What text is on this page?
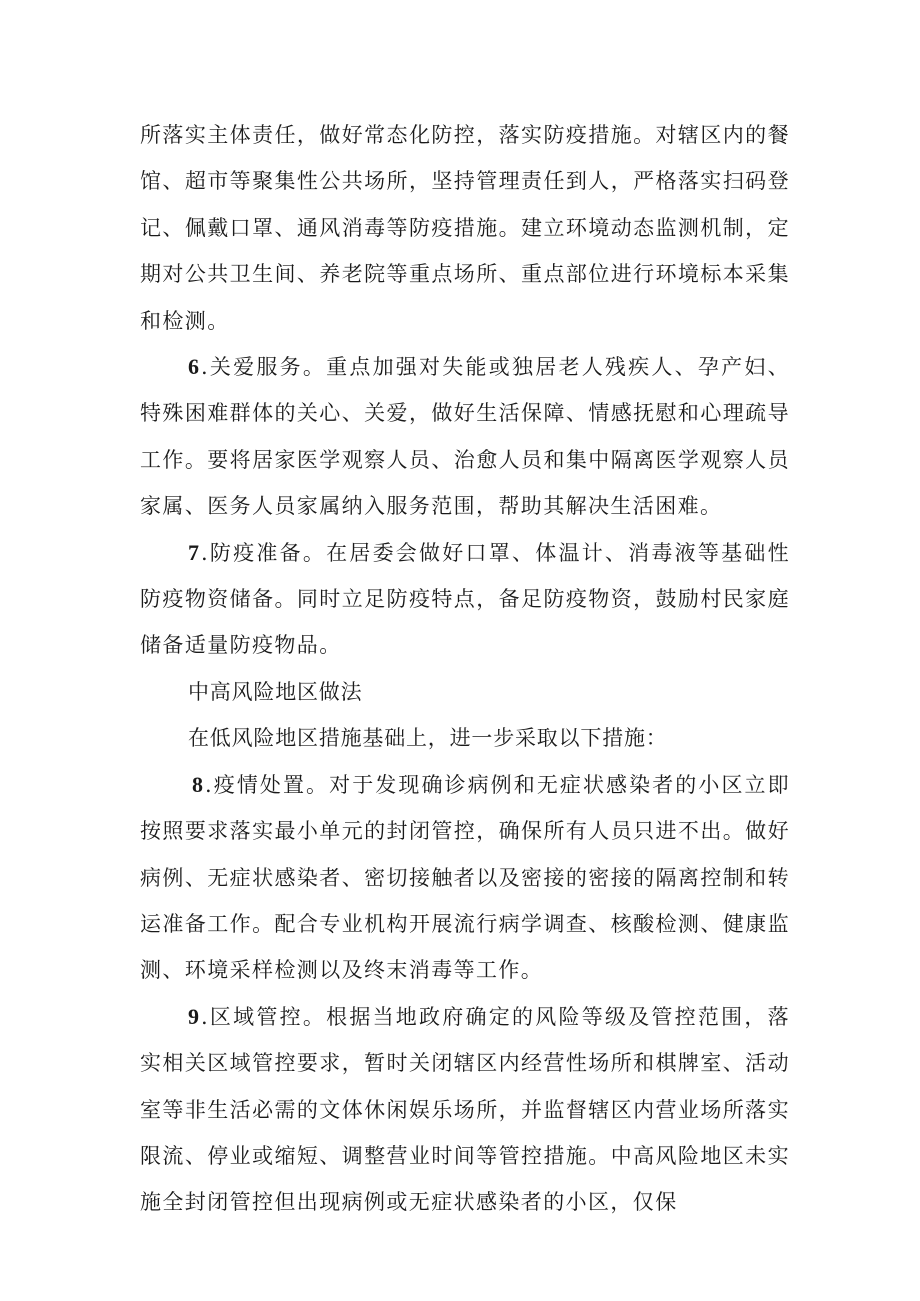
所落实主体责任，做好常态化防控，落实防疫措施。对辖区内的餐馆、超市等聚集性公共场所，坚持管理责任到人，严格落实扫码登记、佩戴口罩、通风消毒等防疫措施。建立环境动态监测机制，定期对公共卫生间、养老院等重点场所、重点部位进行环境标本采集和检测。

6.关爱服务。重点加强对失能或独居老人残疾人、孕产妇、特殊困难群体的关心、关爱，做好生活保障、情感抚慰和心理疏导工作。要将居家医学观察人员、治愈人员和集中隔离医学观察人员家属、医务人员家属纳入服务范围，帮助其解决生活困难。

7.防疫准备。在居委会做好口罩、体温计、消毒液等基础性防疫物资储备。同时立足防疫特点，备足防疫物资，鼓励村民家庭储备适量防疫物品。

中高风险地区做法

在低风险地区措施基础上，进一步采取以下措施：

8.疫情处置。对于发现确诊病例和无症状感染者的小区立即按照要求落实最小单元的封闭管控，确保所有人员只进不出。做好病例、无症状感染者、密切接触者以及密接的密接的隔离控制和转运准备工作。配合专业机构开展流行病学调查、核酸检测、健康监测、环境采样检测以及终末消毒等工作。

9.区域管控。根据当地政府确定的风险等级及管控范围，落实相关区域管控要求，暂时关闭辖区内经营性场所和棋牌室、活动室等非生活必需的文体休闲娱乐场所，并监督辖区内营业场所落实限流、停业或缩短、调整营业时间等管控措施。中高风险地区未实施全封闭管控但出现病例或无症状感染者的小区，仅保
